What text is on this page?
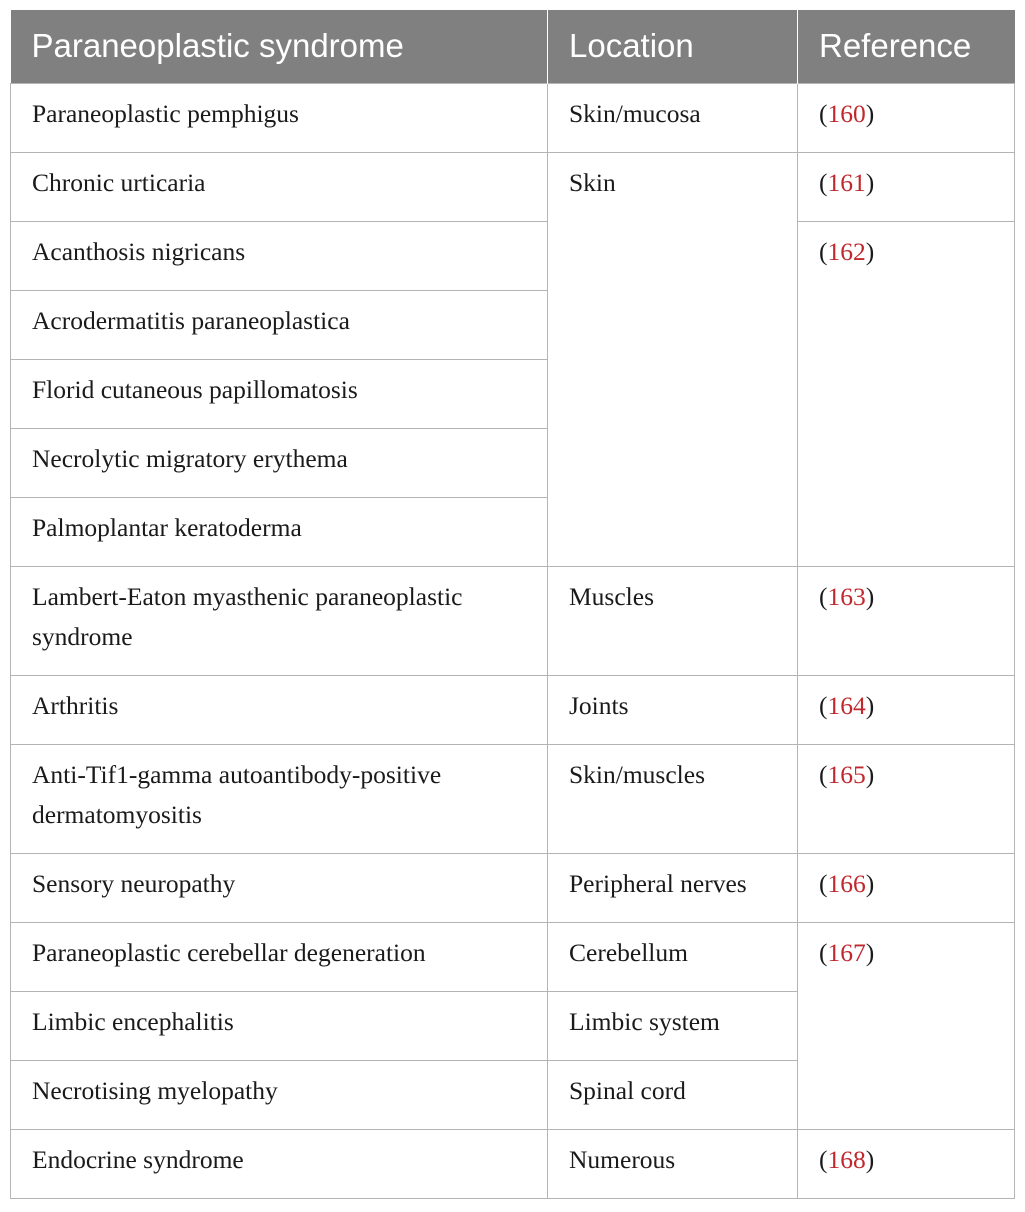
Paraneoplastic syndrome	Location	Reference

Paraneoplastic pemphigus	Skin/mucosa	(160)

Chronic urticaria	Skin	(161)

Acanthosis nigricans		(162)

Acrodermatitis paraneoplastica		

Florid cutaneous papillomatosis		

Necrolytic migratory erythema		

Palmoplantar keratoderma		

Lambert-Eaton myasthenic paraneoplastic syndrome	Muscles	(163)

Arthritis	Joints	(164)

Anti-Tif1-gamma autoantibody-positive dermatomyositis	Skin/muscles	(165)

Sensory neuropathy	Peripheral nerves	(166)

Paraneoplastic cerebellar degeneration	Cerebellum	(167)

Limbic encephalitis	Limbic system	

Necrotising myelopathy	Spinal cord	

Endocrine syndrome	Numerous	(168)
